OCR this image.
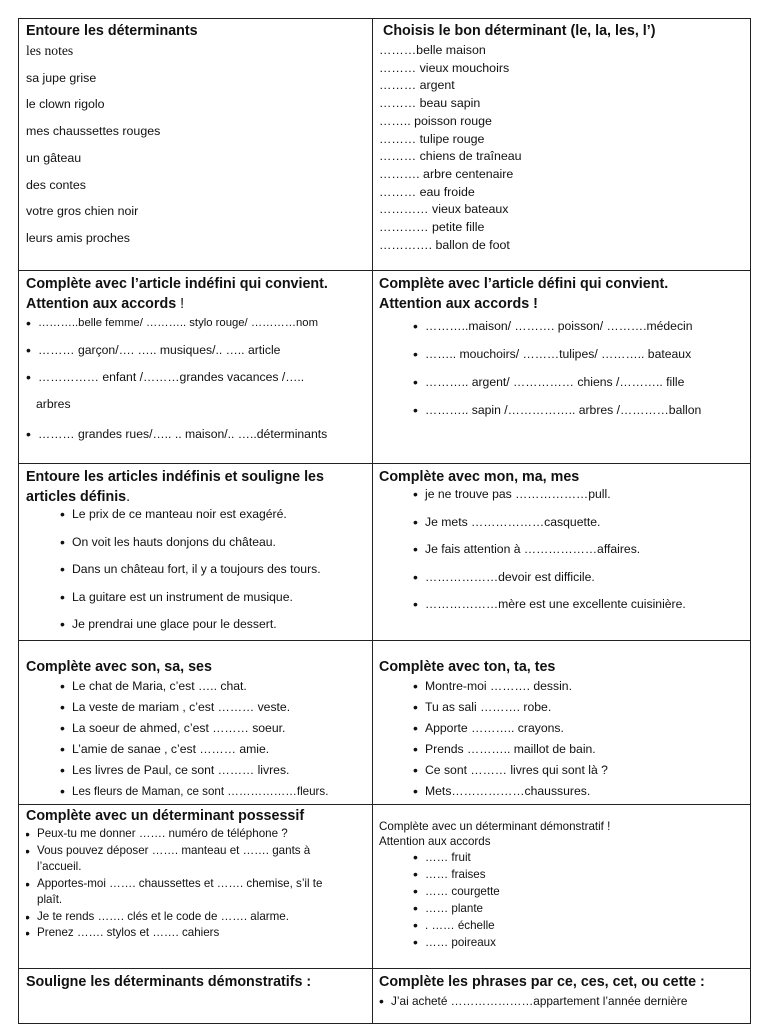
Entoure les déterminants

les notes
sa jupe grise
le clown rigolo
mes chaussettes rouges
un gâteau
des contes
votre gros chien noir
leurs amis proches

Choisis le bon déterminant (le, la, les, l’)

………belle maison
……… vieux mouchoirs
……… argent
……… beau sapin
…….. poisson rouge
……… tulipe rouge
……… chiens de traîneau
………. arbre centenaire
……… eau froide
………… vieux bateaux
………… petite fille
…………. ballon de foot

Complète avec l’article indéfini qui convient.

Attention aux accords !

• ………..belle femme/ ……….. stylo rouge/ …………nom
• ……… garçon/…. ….. musiques/.. ….. article
• …………… enfant /………grandes vacances /…..
arbres
• ……… grandes rues/….. .. maison/.. …..déterminants

Complète avec l’article défini qui convient.

Attention aux accords !

• ………..maison/ ………. poisson/ ……….médecin
• …….. mouchoirs/ ………tulipes/ ……….. bateaux
• ……….. argent/ …………… chiens /……….. fille
• ……….. sapin /…………….. arbres /…………ballon

Entoure les articles indéfinis et souligne les

articles définis.

• Le prix de ce manteau noir est exagéré.
• On voit les hauts donjons du château.
• Dans un château fort, il y a toujours des tours.
• La guitare est un instrument de musique.
• Je prendrai une glace pour le dessert.

Complète avec mon, ma, mes

• je ne trouve pas ………………pull.
• Je mets ………………casquette.
• Je fais attention à ………………affaires.
• ………………devoir est difficile.
• ………………mère est une excellente cuisinière.

Complète avec son, sa, ses

• Le chat de Maria, c’est ….. chat.
• La veste de mariam , c’est ……… veste.
• La soeur de ahmed, c’est ……… soeur.
• L’amie de sanae , c’est ……… amie.
• Les livres de Paul, ce sont ……… livres.
• Les fleurs de Maman, ce sont ………………fleurs.

Complète avec ton, ta, tes

• Montre-moi ………. dessin.
• Tu as sali ………. robe.
• Apporte ……….. crayons.
• Prends ……….. maillot de bain.
• Ce sont ……… livres qui sont là ?
• Mets………………chaussures.

Complète avec un déterminant possessif

• Peux-tu me donner ……. numéro de téléphone ?
• Vous pouvez déposer ……. manteau et ……. gants à
l’accueil.
• Apportes-moi ……. chaussettes et ……. chemise, s’il te
plaît.
• Je te rends ……. clés et le code de ……. alarme.
• Prenez ……. stylos et ……. cahiers

Complète avec un déterminant démonstratif !

Attention aux accords

• …… fruit
• …… fraises
• …… courgette
• …… plante
• . …… échelle
• …… poireaux

Souligne les déterminants démonstratifs :	Complète les phrases par ce, ces, cet, ou cette :

• J’ai acheté …………………appartement l’année dernière
